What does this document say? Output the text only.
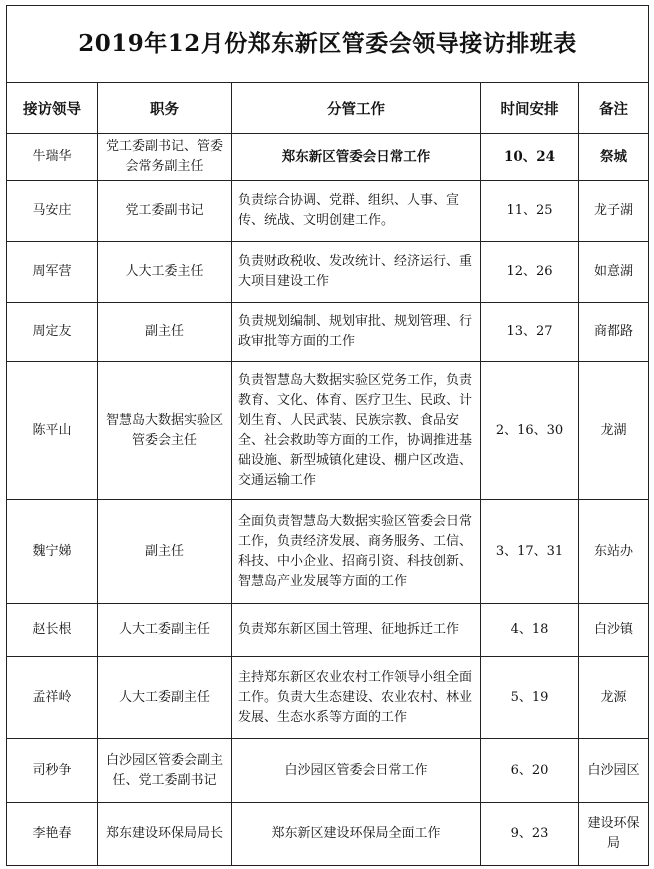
2019年12月份郑东新区管委会领导接访排班表				
接访领导	职务	分管工作	时间安排	备注
牛瑞华	党工委副书记、管委会常务副主任	郑东新区管委会日常工作	10、24	祭城
马安庄	党工委副书记	负责综合协调、党群、组织、人事、宣传、统战、文明创建工作。	11、25	龙子湖
周军营	人大工委主任	负责财政税收、发改统计、经济运行、重大项目建设工作	12、26	如意湖
周定友	副主任	负责规划编制、规划审批、规划管理、行政审批等方面的工作	13、27	商都路
陈平山	智慧岛大数据实验区管委会主任	负责智慧岛大数据实验区党务工作，负责教育、文化、体育、医疗卫生、民政、计划生育、人民武装、民族宗教、食品安全、社会救助等方面的工作，协调推进基础设施、新型城镇化建设、棚户区改造、交通运输工作	2、16、30	龙湖
魏宁娣	副主任	全面负责智慧岛大数据实验区管委会日常工作，负责经济发展、商务服务、工信、科技、中小企业、招商引资、科技创新、智慧岛产业发展等方面的工作	3、17、31	东站办
赵长根	人大工委副主任	负责郑东新区国土管理、征地拆迁工作	4、18	白沙镇
孟祥岭	人大工委副主任	主持郑东新区农业农村工作领导小组全面工作。负责大生态建设、农业农村、林业发展、生态水系等方面的工作	5、19	龙源
司秒争	白沙园区管委会副主任、党工委副书记	白沙园区管委会日常工作	6、20	白沙园区
李艳春	郑东建设环保局局长	郑东新区建设环保局全面工作	9、23	建设环保局
